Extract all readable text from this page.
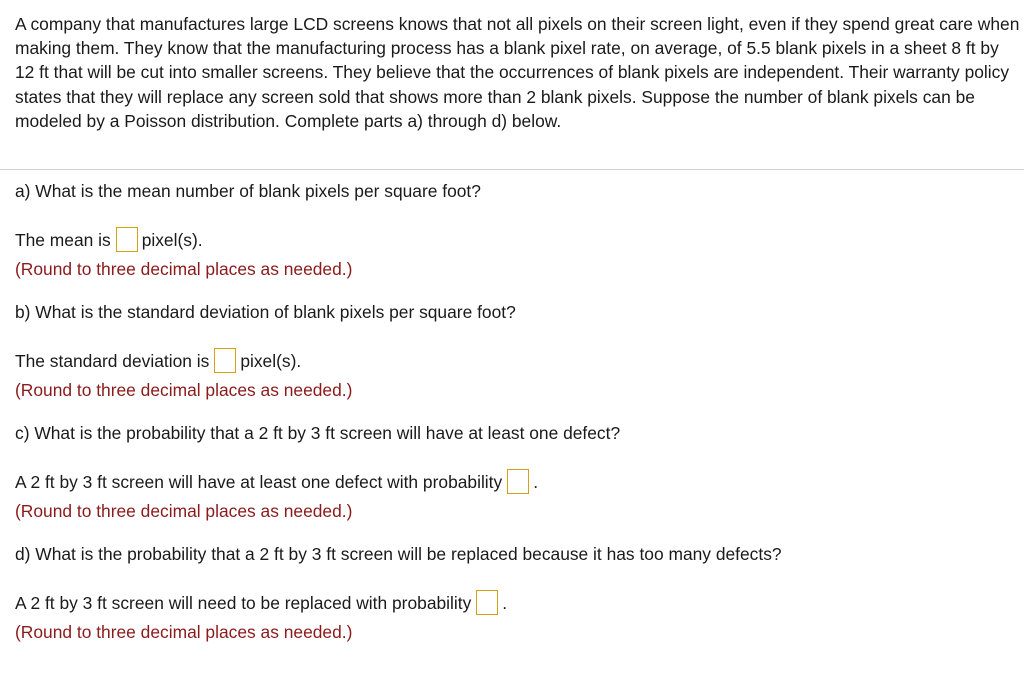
A company that manufactures large LCD screens knows that not all pixels on their screen light, even if they spend great care when making them. They know that the manufacturing process has a blank pixel rate, on average, of 5.5 blank pixels in a sheet 8 ft by 12 ft that will be cut into smaller screens. They believe that the occurrences of blank pixels are independent. Their warranty policy states that they will replace any screen sold that shows more than 2 blank pixels. Suppose the number of blank pixels can be modeled by a Poisson distribution. Complete parts a) through d) below.

a) What is the mean number of blank pixels per square foot?

The mean is pixel(s).

(Round to three decimal places as needed.)

b) What is the standard deviation of blank pixels per square foot?

The standard deviation is pixel(s).

(Round to three decimal places as needed.)

c) What is the probability that a 2 ft by 3 ft screen will have at least one defect?

A 2 ft by 3 ft screen will have at least one defect with probability .

(Round to three decimal places as needed.)

d) What is the probability that a 2 ft by 3 ft screen will be replaced because it has too many defects?

A 2 ft by 3 ft screen will need to be replaced with probability .

(Round to three decimal places as needed.)
